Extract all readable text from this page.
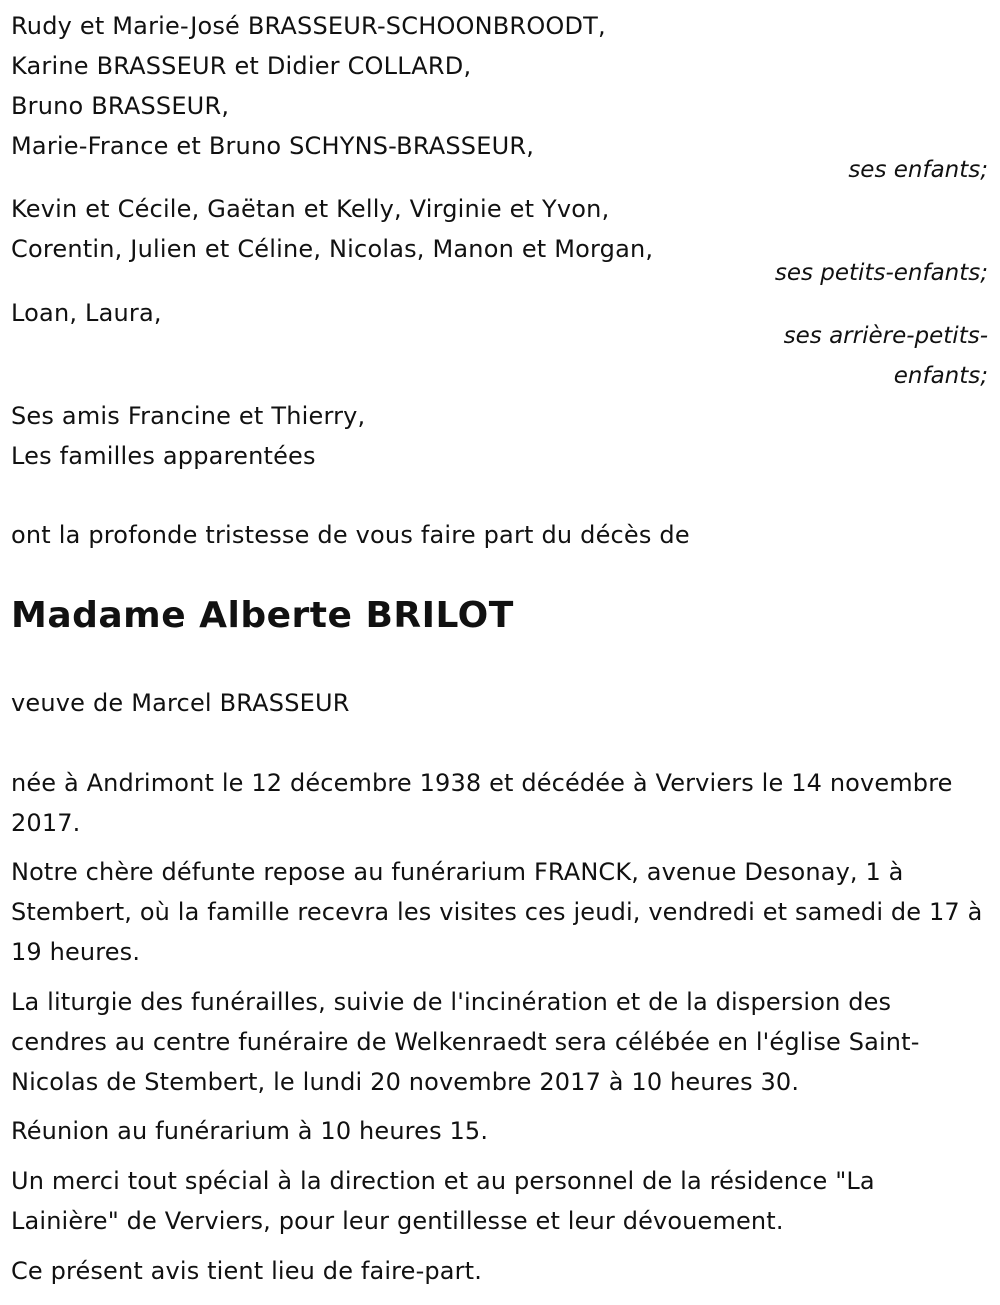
Rudy et Marie-José BRASSEUR-SCHOONBROODT,
Karine BRASSEUR et Didier COLLARD,
Bruno BRASSEUR,
Marie-France et Bruno SCHYNS-BRASSEUR,
ses enfants;
Kevin et Cécile, Gaëtan et Kelly, Virginie et Yvon,
Corentin, Julien et Céline, Nicolas, Manon et Morgan,
ses petits-enfants;
Loan, Laura,
ses arrière-petits-
enfants;
Ses amis Francine et Thierry,
Les familles apparentées
ont la profonde tristesse de vous faire part du décès de
Madame Alberte BRILOT
veuve de Marcel BRASSEUR
née à Andrimont le 12 décembre 1938 et décédée à Verviers le 14 novembre 2017.
Notre chère défunte repose au funérarium FRANCK, avenue Desonay, 1 à Stembert, où la famille recevra les visites ces jeudi, vendredi et samedi de 17 à 19 heures.
La liturgie des funérailles, suivie de l'incinération et de la dispersion des cendres au centre funéraire de Welkenraedt sera célébée en l'église Saint-Nicolas de Stembert, le lundi 20 novembre 2017 à 10 heures 30.
Réunion au funérarium à 10 heures 15.
Un merci tout spécial à la direction et au personnel de la résidence "La Lainière" de Verviers, pour leur gentillesse et leur dévouement.
Ce présent avis tient lieu de faire-part.
